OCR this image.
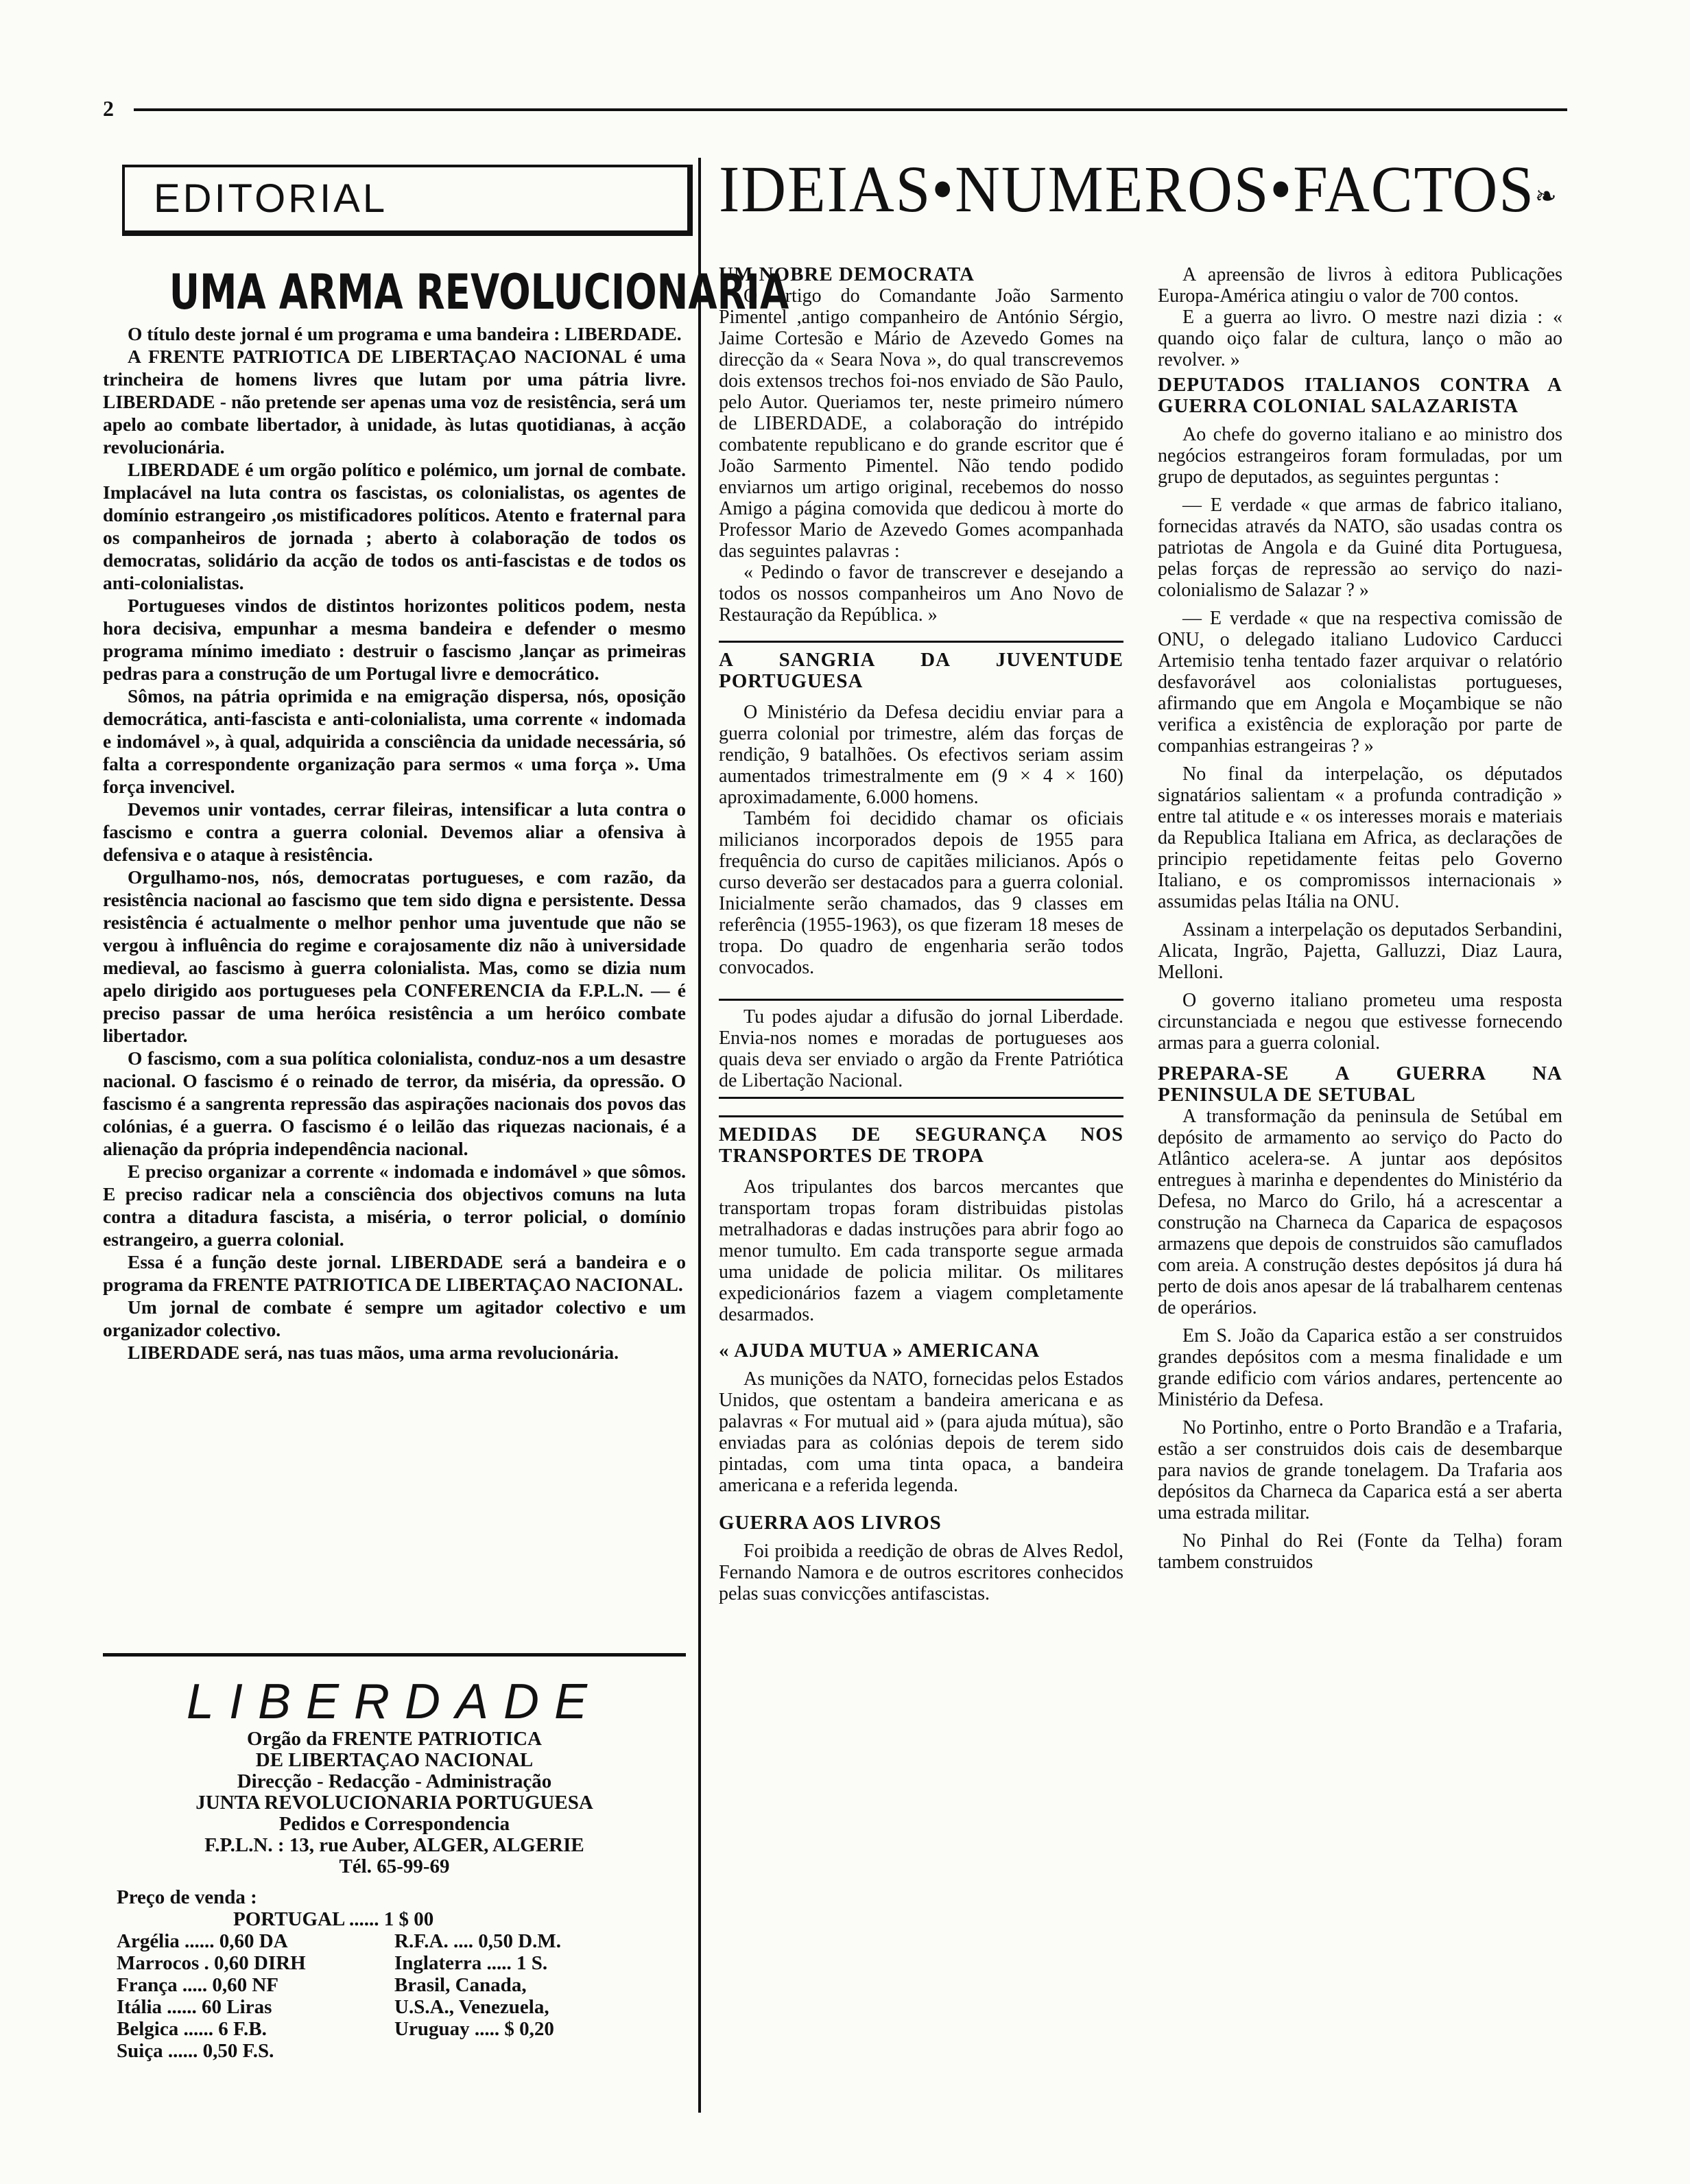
2
EDITORIAL	IDEIAS•NUMEROS•FACTOS❧
UMA ARMA REVOLUCIONARIA

O título deste jornal é um programa e uma bandeira : LIBERDADE.

A FRENTE PATRIOTICA DE LIBERTAÇAO NACIONAL é uma trincheira de homens livres que lutam por uma pátria livre. LIBERDADE - não pretende ser apenas uma voz de resistência, será um apelo ao combate libertador, à unidade, às lutas quotidianas, à acção revolucionária.

LIBERDADE é um orgão político e polémico, um jornal de combate. Implacável na luta contra os fascistas, os colonialistas, os agentes de domínio estrangeiro ,os mistificadores políticos. Atento e fraternal para os companheiros de jornada ; aberto à colaboração de todos os democratas, solidário da acção de todos os anti-fascistas e de todos os anti-colonialistas.

Portugueses vindos de distintos horizontes politicos podem, nesta hora decisiva, empunhar a mesma bandeira e defender o mesmo programa mínimo imediato : destruir o fascismo ,lançar as primeiras pedras para a construção de um Portugal livre e democrático.

Sômos, na pátria oprimida e na emigração dispersa, nós, oposição democrática, anti-fascista e anti-colonialista, uma corrente « indomada e indomável », à qual, adquirida a consciência da unidade necessária, só falta a correspondente organização para sermos « uma força ». Uma força invencivel.

Devemos unir vontades, cerrar fileiras, intensificar a luta contra o fascismo e contra a guerra colonial. Devemos aliar a ofensiva à defensiva e o ataque à resistência.

Orgulhamo-nos, nós, democratas portugueses, e com razão, da resistência nacional ao fascismo que tem sido digna e persistente. Dessa resistência é actualmente o melhor penhor uma juventude que não se vergou à influência do regime e corajosamente diz não à universidade medieval, ao fascismo à guerra colonialista. Mas, como se dizia num apelo dirigido aos portugueses pela CONFERENCIA da F.P.L.N. — é preciso passar de uma heróica resistência a um heróico combate libertador.

O fascismo, com a sua política colonialista, conduz-nos a um desastre nacional. O fascismo é o reinado de terror, da miséria, da opressão. O fascismo é a sangrenta repressão das aspirações nacionais dos povos das colónias, é a guerra. O fascismo é o leilão das riquezas nacionais, é a alienação da própria independência nacional.

E preciso organizar a corrente « indomada e indomável » que sômos. E preciso radicar nela a consciência dos objectivos comuns na luta contra a ditadura fascista, a miséria, o terror policial, o domínio estrangeiro, a guerra colonial.

Essa é a função deste jornal. LIBERDADE será a bandeira e o programa da FRENTE PATRIOTICA DE LIBERTAÇAO NACIONAL.

Um jornal de combate é sempre um agitador colectivo e um organizador colectivo.

LIBERDADE será, nas tuas mãos, uma arma revolucionária.

LIBERDADE
Orgão da FRENTE PATRIOTICA
DE LIBERTAÇAO NACIONAL
Direcção - Redacção - Administração
JUNTA REVOLUCIONARIA PORTUGUESA
Pedidos e Correspondencia
F.P.L.N. : 13, rue Auber, ALGER, ALGERIE
Tél. 65-99-69
Preço de venda :
PORTUGAL ...... 1 $ 00
Argélia ...... 0,60 DA	R.F.A. .... 0,50 D.M.
Marrocos . 0,60 DIRH	Inglaterra ..... 1 S.
França ..... 0,60 NF	Brasil, Canada,
Itália ...... 60 Liras	U.S.A., Venezuela,
Belgica ...... 6 F.B.	Uruguay ..... $ 0,20
Suiça ...... 0,50 F.S.
UM NOBRE DEMOCRATA

O artigo do Comandante João Sarmento Pimentel ,antigo companheiro de António Sérgio, Jaime Cortesão e Mário de Azevedo Gomes na direcção da « Seara Nova », do qual transcrevemos dois extensos trechos foi-nos enviado de São Paulo, pelo Autor. Queriamos ter, neste primeiro número de LIBERDADE, a colaboração do intrépido combatente republicano e do grande escritor que é João Sarmento Pimentel. Não tendo podido enviarnos um artigo original, recebemos do nosso Amigo a página comovida que dedicou à morte do Professor Mario de Azevedo Gomes acompanhada das seguintes palavras :

« Pedindo o favor de transcrever e desejando a todos os nossos companheiros um Ano Novo de Restauração da República. »

A SANGRIA DA JUVENTUDE PORTUGUESA

O Ministério da Defesa decidiu enviar para a guerra colonial por trimestre, além das forças de rendição, 9 batalhões. Os efectivos seriam assim aumentados trimestralmente em (9 × 4 × 160) aproximadamente, 6.000 homens.

Também foi decidido chamar os oficiais milicianos incorporados depois de 1955 para frequência do curso de capitães milicianos. Após o curso deverão ser destacados para a guerra colonial. Inicialmente serão chamados, das 9 classes em referência (1955-1963), os que fizeram 18 meses de tropa. Do quadro de engenharia serão todos convocados.

Tu podes ajudar a difusão do jornal Liberdade. Envia-nos nomes e moradas de portugueses aos quais deva ser enviado o argão da Frente Patriótica de Libertação Nacional.

MEDIDAS DE SEGURANÇA NOS TRANSPORTES DE TROPA

Aos tripulantes dos barcos mercantes que transportam tropas foram distribuidas pistolas metralhadoras e dadas instruções para abrir fogo ao menor tumulto. Em cada transporte segue armada uma unidade de policia militar. Os militares expedicionários fazem a viagem completamente desarmados.

« AJUDA MUTUA » AMERICANA

As munições da NATO, fornecidas pelos Estados Unidos, que ostentam a bandeira americana e as palavras « For mutual aid » (para ajuda mútua), são enviadas para as colónias depois de terem sido pintadas, com uma tinta opaca, a bandeira americana e a referida legenda.

GUERRA AOS LIVROS

Foi proibida a reedição de obras de Alves Redol, Fernando Namora e de outros escritores conhecidos pelas suas convicções antifascistas.

A apreensão de livros à editora Publicações Europa-América atingiu o valor de 700 contos.

E a guerra ao livro. O mestre nazi dizia : « quando oiço falar de cultura, lanço o mão ao revolver. »

DEPUTADOS ITALIANOS CONTRA A GUERRA COLONIAL SALAZARISTA

Ao chefe do governo italiano e ao ministro dos negócios estrangeiros foram formuladas, por um grupo de deputados, as seguintes perguntas :

— E verdade « que armas de fabrico italiano, fornecidas através da NATO, são usadas contra os patriotas de Angola e da Guiné dita Portuguesa, pelas forças de repressão ao serviço do nazi-colonialismo de Salazar ? »

— E verdade « que na respectiva comissão de ONU, o delegado italiano Ludovico Carducci Artemisio tenha tentado fazer arquivar o relatório desfavorável aos colonialistas portugueses, afirmando que em Angola e Moçambique se não verifica a existência de exploração por parte de companhias estrangeiras ? »

No final da interpelação, os députados signatários salientam « a profunda contradição » entre tal atitude e « os interesses morais e materiais da Republica Italiana em Africa, as declarações de principio repetidamente feitas pelo Governo Italiano, e os compromissos internacionais » assumidas pelas Itália na ONU.

Assinam a interpelação os deputados Serbandini, Alicata, Ingrão, Pajetta, Galluzzi, Diaz Laura, Melloni.

O governo italiano prometeu uma resposta circunstanciada e negou que estivesse fornecendo armas para a guerra colonial.

PREPARA-SE A GUERRA NA PENINSULA DE SETUBAL

A transformação da peninsula de Setúbal em depósito de armamento ao serviço do Pacto do Atlântico acelera-se. A juntar aos depósitos entregues à marinha e dependentes do Ministério da Defesa, no Marco do Grilo, há a acrescentar a construção na Charneca da Caparica de espaçosos armazens que depois de construidos são camuflados com areia. A construção destes depósitos já dura há perto de dois anos apesar de lá trabalharem centenas de operários.

Em S. João da Caparica estão a ser construidos grandes depósitos com a mesma finalidade e um grande edificio com vários andares, pertencente ao Ministério da Defesa.

No Portinho, entre o Porto Brandão e a Trafaria, estão a ser construidos dois cais de desembarque para navios de grande tonelagem. Da Trafaria aos depósitos da Charneca da Caparica está a ser aberta uma estrada militar.

No Pinhal do Rei (Fonte da Telha) foram tambem construidos
